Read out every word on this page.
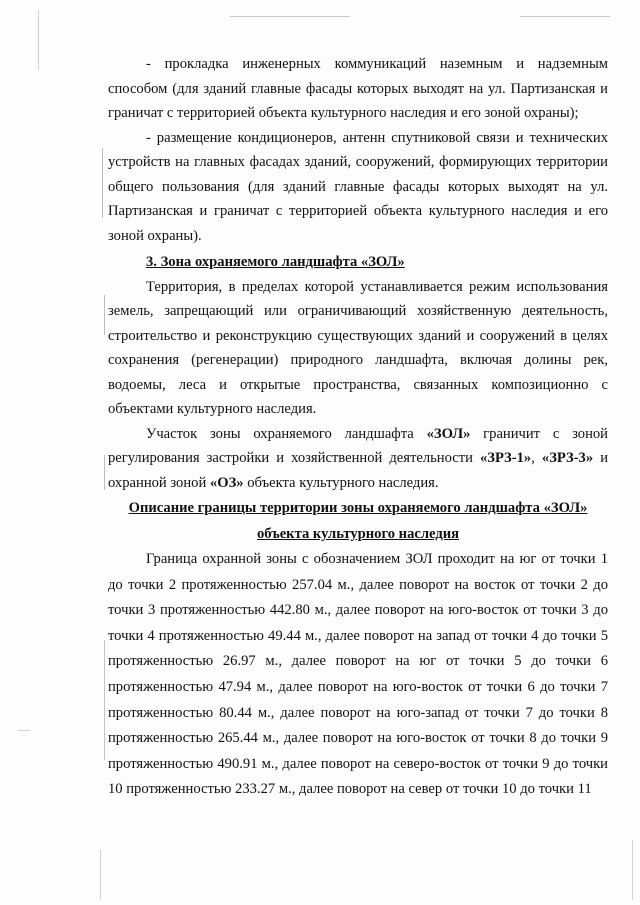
- прокладка инженерных коммуникаций наземным и надземным способом (для зданий главные фасады которых выходят на ул. Партизанская и граничат с территорией объекта культурного наследия и его зоной охраны);

- размещение кондиционеров, антенн спутниковой связи и технических устройств на главных фасадах зданий, сооружений, формирующих территории общего пользования (для зданий главные фасады которых выходят на ул. Партизанская и граничат с территорией объекта культурного наследия и его зоной охраны).

3. Зона охраняемого ландшафта «ЗОЛ»

Территория, в пределах которой устанавливается режим использования земель, запрещающий или ограничивающий хозяйственную деятельность, строительство и реконструкцию существующих зданий и сооружений в целях сохранения (регенерации) природного ландшафта, включая долины рек, водоемы, леса и открытые пространства, связанных композиционно с объектами культурного наследия.

Участок зоны охраняемого ландшафта «ЗОЛ» граничит с зоной регулирования застройки и хозяйственной деятельности «ЗРЗ-1», «ЗРЗ-3» и охранной зоной «ОЗ» объекта культурного наследия.

Описание границы территории зоны охраняемого ландшафта «ЗОЛ»

объекта культурного наследия

Граница охранной зоны с обозначением ЗОЛ проходит на юг от точки 1 до точки 2 протяженностью 257.04 м., далее поворот на восток от точки 2 до точки 3 протяженностью 442.80 м., далее поворот на юго-восток от точки 3 до точки 4 протяженностью 49.44 м., далее поворот на запад от точки 4 до точки 5 протяженностью 26.97 м., далее поворот на юг от точки 5 до точки 6 протяженностью 47.94 м., далее поворот на юго-восток от точки 6 до точки 7 протяженностью 80.44 м., далее поворот на юго-запад от точки 7 до точки 8 протяженностью 265.44 м., далее поворот на юго-восток от точки 8 до точки 9 протяженностью 490.91 м., далее поворот на северо-восток от точки 9 до точки 10 протяженностью 233.27 м., далее поворот на север от точки 10 до точки 11
